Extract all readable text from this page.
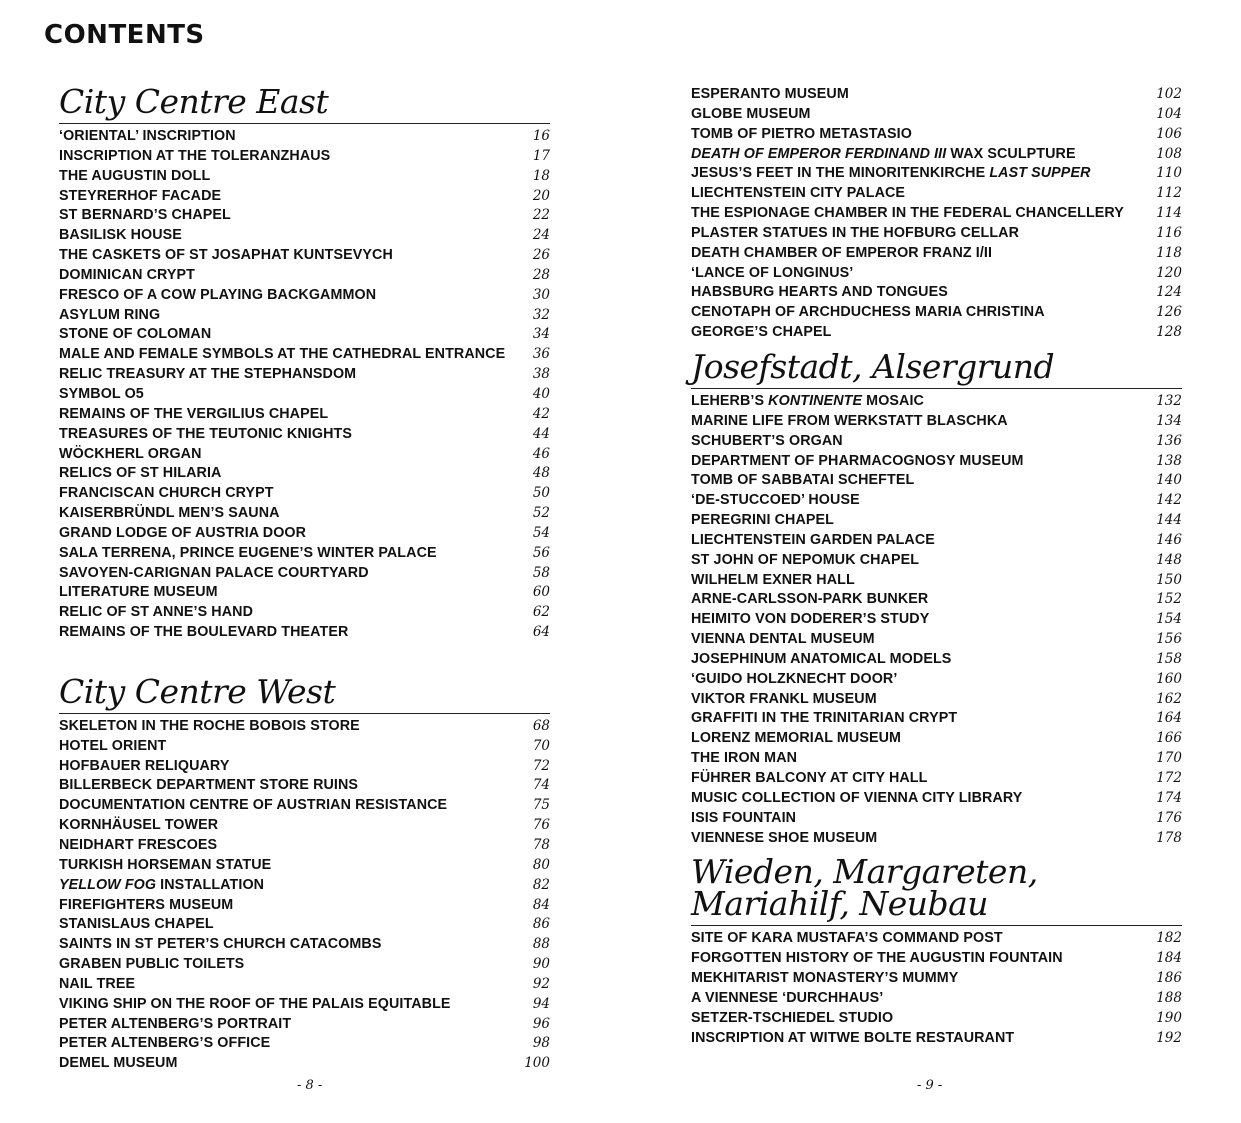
CONTENTS
City Centre East
‘ORIENTAL’ INSCRIPTION	16
INSCRIPTION AT THE TOLERANZHAUS	17
THE AUGUSTIN DOLL	18
STEYRERHOF FACADE	20
ST BERNARD’S CHAPEL	22
BASILISK HOUSE	24
THE CASKETS OF ST JOSAPHAT KUNTSEVYCH	26
DOMINICAN CRYPT	28
FRESCO OF A COW PLAYING BACKGAMMON	30
ASYLUM RING	32
STONE OF COLOMAN	34
MALE AND FEMALE SYMBOLS AT THE CATHEDRAL ENTRANCE 36
RELIC TREASURY AT THE STEPHANSDOM	38
SYMBOL O5	40
REMAINS OF THE VERGILIUS CHAPEL	42
TREASURES OF THE TEUTONIC KNIGHTS	44
WÖCKHERL ORGAN	46
RELICS OF ST HILARIA	48
FRANCISCAN CHURCH CRYPT	50
KAISERBRÜNDL MEN’S SAUNA	52
GRAND LODGE OF AUSTRIA DOOR	54
SALA TERRENA, PRINCE EUGENE’S WINTER PALACE	56
SAVOYEN-CARIGNAN PALACE COURTYARD	58
LITERATURE MUSEUM	60
RELIC OF ST ANNE’S HAND	62
REMAINS OF THE BOULEVARD THEATER	64
City Centre West
SKELETON IN THE ROCHE BOBOIS STORE	68
HOTEL ORIENT	70
HOFBAUER RELIQUARY	72
BILLERBECK DEPARTMENT STORE RUINS	74
DOCUMENTATION CENTRE OF AUSTRIAN RESISTANCE	75
KORNHÄUSEL TOWER	76
NEIDHART FRESCOES	78
TURKISH HORSEMAN STATUE	80
YELLOW FOG INSTALLATION	82
FIREFIGHTERS MUSEUM	84
STANISLAUS CHAPEL	86
SAINTS IN ST PETER’S CHURCH CATACOMBS	88
GRABEN PUBLIC TOILETS	90
NAIL TREE	92
VIKING SHIP ON THE ROOF OF THE PALAIS EQUITABLE	94
PETER ALTENBERG’S PORTRAIT	96
PETER ALTENBERG’S OFFICE	98
DEMEL MUSEUM	100
ESPERANTO MUSEUM	102
GLOBE MUSEUM	104
TOMB OF PIETRO METASTASIO	106
DEATH OF EMPEROR FERDINAND III WAX SCULPTURE	108
JESUS’S FEET IN THE MINORITENKIRCHE LAST SUPPER	110
LIECHTENSTEIN CITY PALACE	112
THE ESPIONAGE CHAMBER IN THE FEDERAL CHANCELLERY 114
PLASTER STATUES IN THE HOFBURG CELLAR	116
DEATH CHAMBER OF EMPEROR FRANZ I/II	118
‘LANCE OF LONGINUS’	120
HABSBURG HEARTS AND TONGUES	124
CENOTAPH OF ARCHDUCHESS MARIA CHRISTINA	126
GEORGE’S CHAPEL	128
Josefstadt, Alsergrund
LEHERB’S KONTINENTE MOSAIC	132
MARINE LIFE FROM WERKSTATT BLASCHKA	134
SCHUBERT’S ORGAN	136
DEPARTMENT OF PHARMACOGNOSY MUSEUM	138
TOMB OF SABBATAI SCHEFTEL	140
‘DE-STUCCOED’ HOUSE	142
PEREGRINI CHAPEL	144
LIECHTENSTEIN GARDEN PALACE	146
ST JOHN OF NEPOMUK CHAPEL	148
WILHELM EXNER HALL	150
ARNE-CARLSSON-PARK BUNKER	152
HEIMITO VON DODERER’S STUDY	154
VIENNA DENTAL MUSEUM	156
JOSEPHINUM ANATOMICAL MODELS	158
‘GUIDO HOLZKNECHT DOOR’	160
VIKTOR FRANKL MUSEUM	162
GRAFFITI IN THE TRINITARIAN CRYPT	164
LORENZ MEMORIAL MUSEUM	166
THE IRON MAN	170
FÜHRER BALCONY AT CITY HALL	172
MUSIC COLLECTION OF VIENNA CITY LIBRARY	174
ISIS FOUNTAIN	176
VIENNESE SHOE MUSEUM	178
Wieden, Margareten, Mariahilf, Neubau
SITE OF KARA MUSTAFA’S COMMAND POST	182
FORGOTTEN HISTORY OF THE AUGUSTIN FOUNTAIN	184
MEKHITARIST MONASTERY’S MUMMY	186
A VIENNESE ‘DURCHHAUS’	188
SETZER-TSCHIEDEL STUDIO	190
INSCRIPTION AT WITWE BOLTE RESTAURANT	192
- 8 -	- 9 -
